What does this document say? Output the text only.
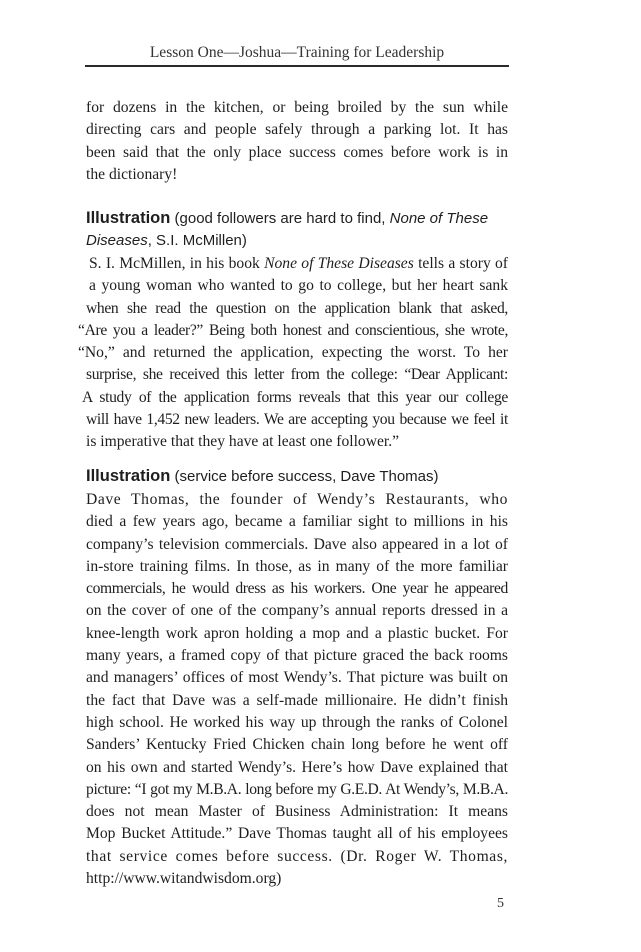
Lesson One—Joshua—Training for Leadership
for dozens in the kitchen, or being broiled by the sun while
directing cars and people safely through a parking lot. It has
been said that the only place success comes before work is in
the dictionary!
Illustration (good followers are hard to find, None of These
Diseases, S.I. McMillen)
S. I. McMillen, in his book None of These Diseases tells a story of
a young woman who wanted to go to college, but her heart sank
when she read the question on the application blank that asked,
“Are you a leader?” Being both honest and conscientious, she wrote,
“No,” and returned the application, expecting the worst. To her
surprise, she received this letter from the college: “Dear Applicant:
A study of the application forms reveals that this year our college
will have 1,452 new leaders. We are accepting you because we feel it
is imperative that they have at least one follower.”
Illustration (service before success, Dave Thomas)
Dave Thomas, the founder of Wendy’s Restaurants, who
died a few years ago, became a familiar sight to millions in his
company’s television commercials. Dave also appeared in a lot of
in-store training films. In those, as in many of the more familiar
commercials, he would dress as his workers. One year he appeared
on the cover of one of the company’s annual reports dressed in a
knee-length work apron holding a mop and a plastic bucket. For
many years, a framed copy of that picture graced the back rooms
and managers’ offices of most Wendy’s. That picture was built on
the fact that Dave was a self-made millionaire. He didn’t finish
high school. He worked his way up through the ranks of Colonel
Sanders’ Kentucky Fried Chicken chain long before he went off
on his own and started Wendy’s. Here’s how Dave explained that
picture: “I got my M.B.A. long before my G.E.D. At Wendy’s, M.B.A.
does not mean Master of Business Administration: It means
Mop Bucket Attitude.” Dave Thomas taught all of his employees
that service comes before success. (Dr. Roger W. Thomas,
http://www.witandwisdom.org)
5
